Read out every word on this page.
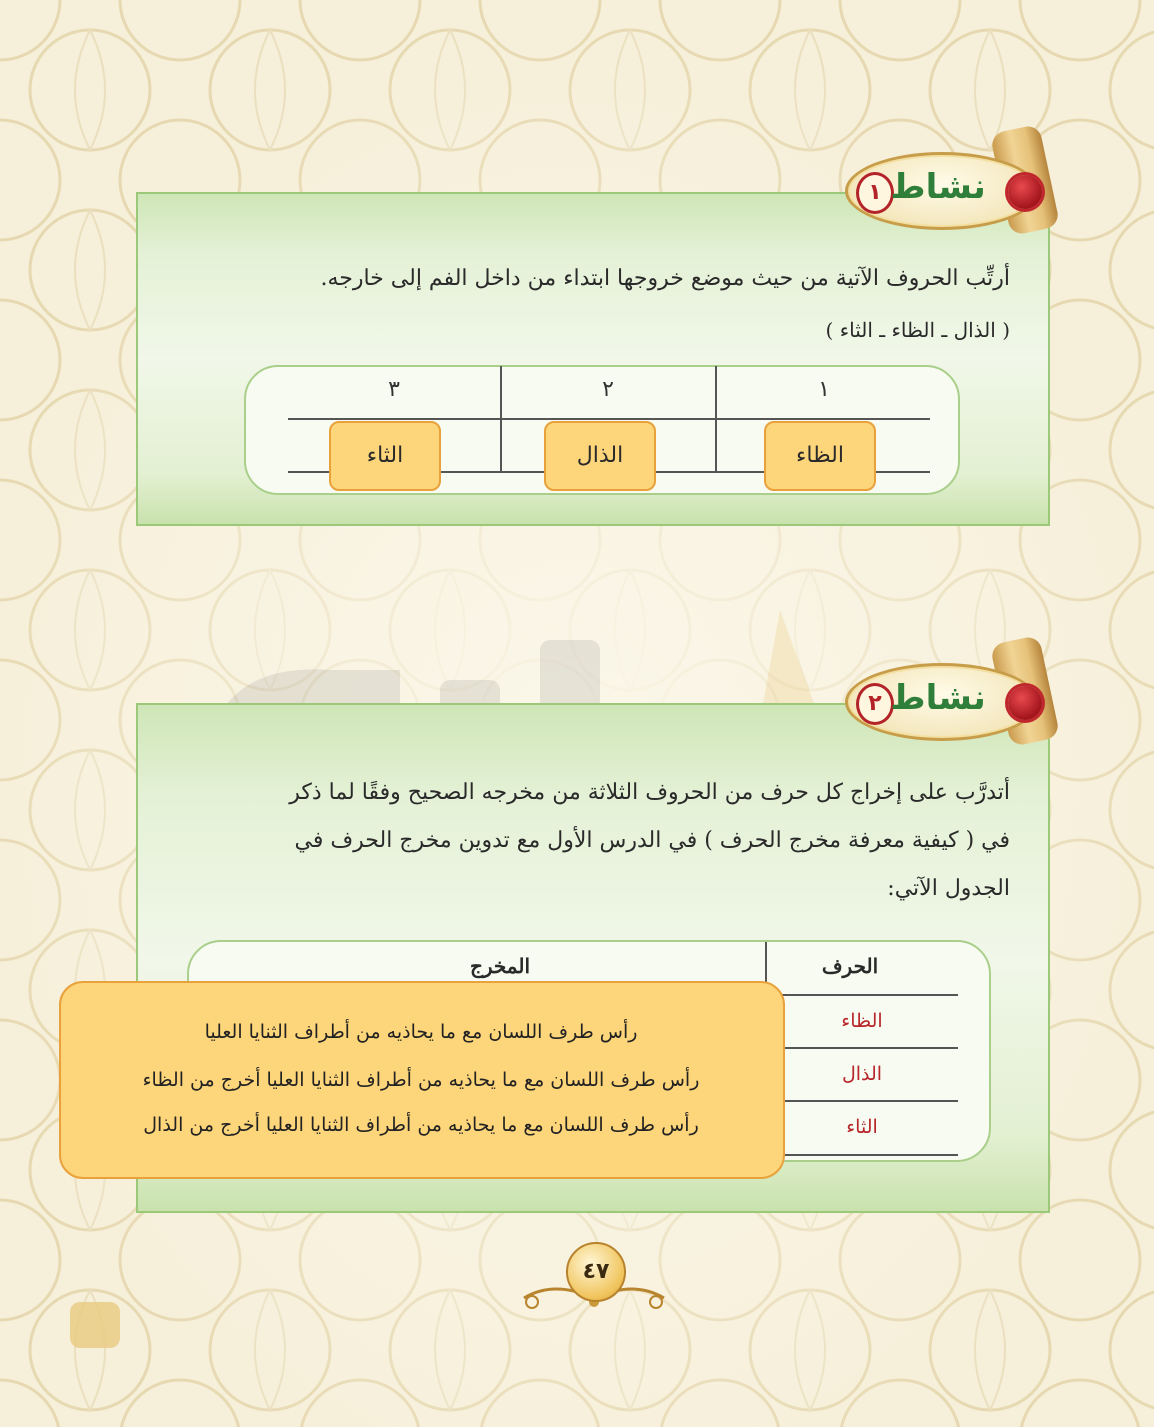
١ نشاط
أرتِّب الحروف الآتية من حيث موضع خروجها ابتداء من داخل الفم إلى خارجه.
( الذال ـ الظاء ـ الثاء )
١
٢
٣
الظاء
الذال
الثاء
٢ نشاط
أتدرَّب على إخراج كل حرف من الحروف الثلاثة من مخرجه الصحيح وفقًا لما ذكر
في ( كيفية معرفة مخرج الحرف ) في الدرس الأول مع تدوين مخرج الحرف في
الجدول الآتي:
الحرف
المخرج
الظاء
الذال
الثاء
رأس طرف اللسان مع ما يحاذيه من أطراف الثنايا العليا
رأس طرف اللسان مع ما يحاذيه من أطراف الثنايا العليا أخرج من الظاء
رأس طرف اللسان مع ما يحاذيه من أطراف الثنايا العليا أخرج من الذال
٤٧
